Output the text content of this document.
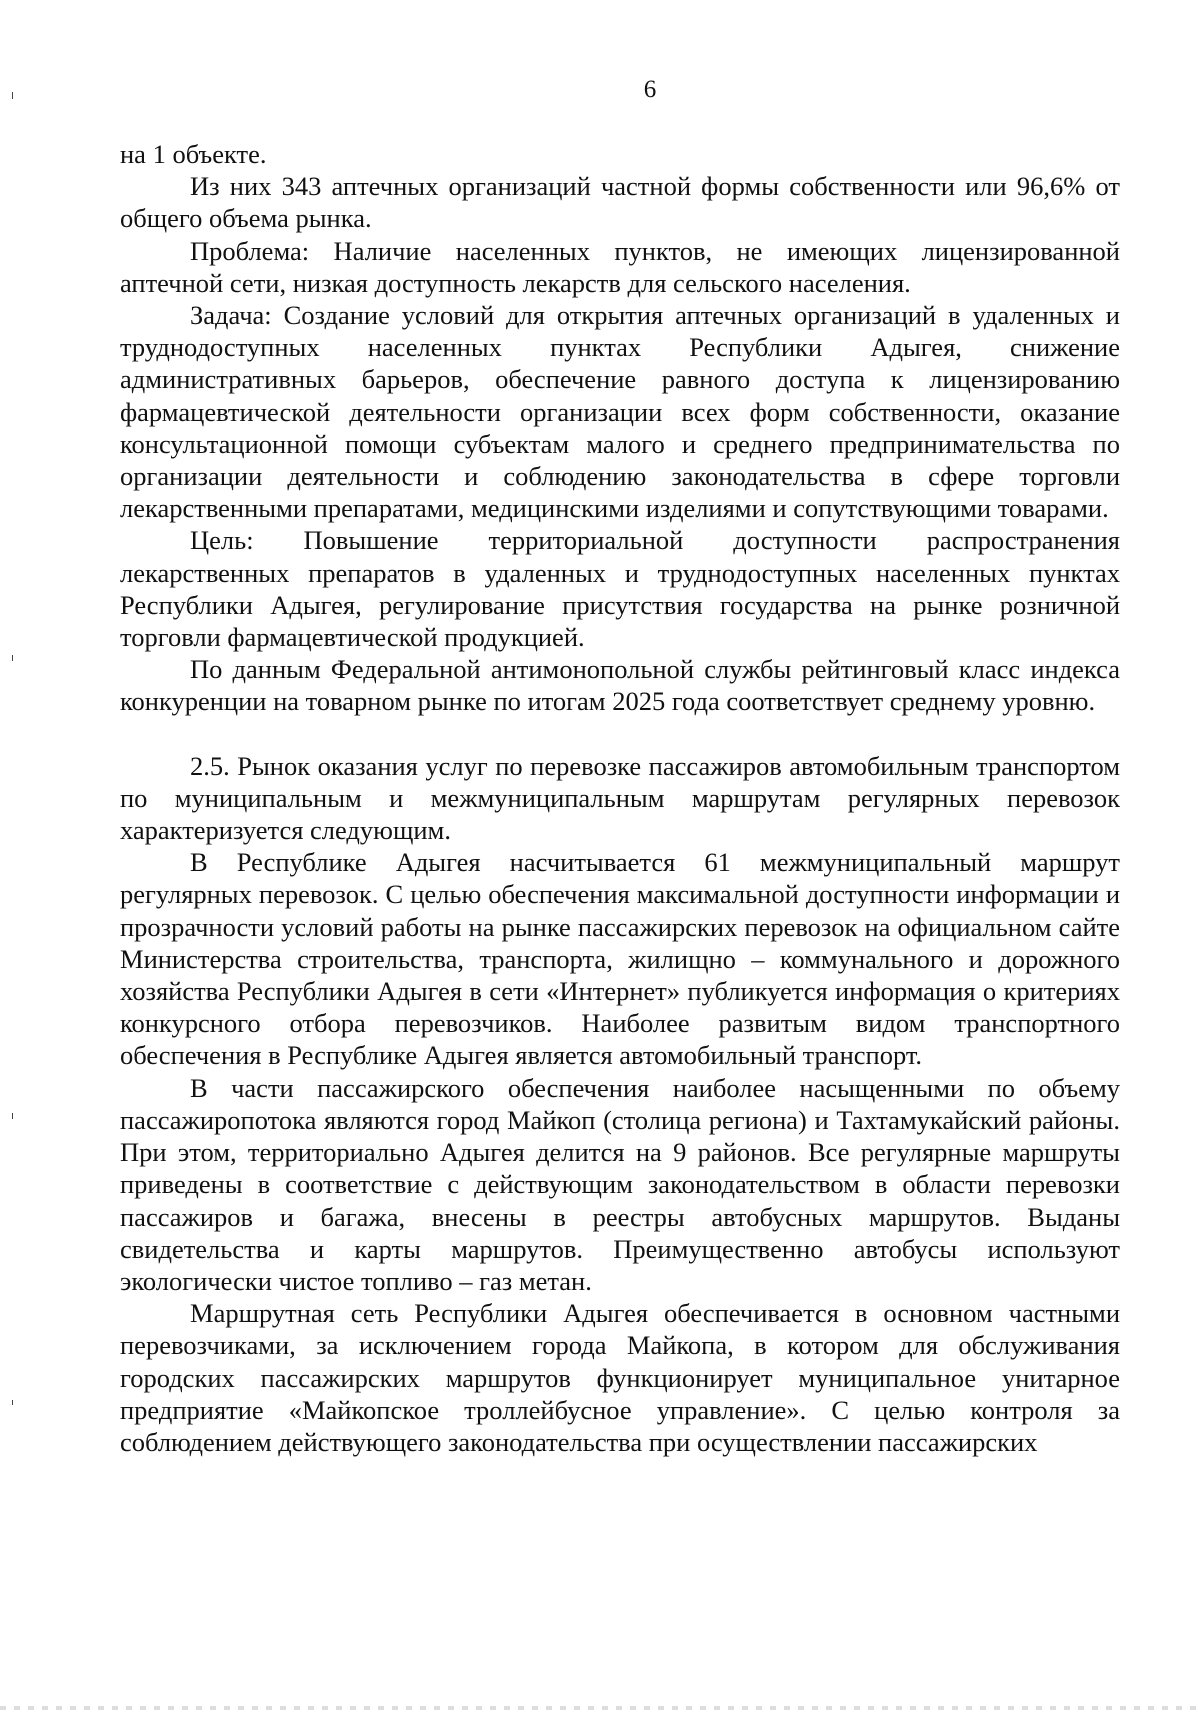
6

на 1 объекте.

Из них 343 аптечных организаций частной формы собственности или 96,6% от общего объема рынка.

Проблема: Наличие населенных пунктов, не имеющих лицензированной аптечной сети, низкая доступность лекарств для сельского населения.

Задача: Создание условий для открытия аптечных организаций в удаленных и труднодоступных населенных пунктах Республики Адыгея, снижение административных барьеров, обеспечение равного доступа к лицензированию фармацевтической деятельности организации всех форм собственности, оказание консультационной помощи субъектам малого и среднего предпринимательства по организации деятельности и соблюдению законодательства в сфере торговли лекарственными препаратами, медицинскими изделиями и сопутствующими товарами.

Цель: Повышение территориальной доступности распространения лекарственных препаратов в удаленных и труднодоступных населенных пунктах Республики Адыгея, регулирование присутствия государства на рынке розничной торговли фармацевтической продукцией.

По данным Федеральной антимонопольной службы рейтинговый класс индекса конкуренции на товарном рынке по итогам 2025 года соответствует среднему уровню.

2.5. Рынок оказания услуг по перевозке пассажиров автомобильным транспортом по муниципальным и межмуниципальным маршрутам регулярных перевозок характеризуется следующим.

В Республике Адыгея насчитывается 61 межмуниципальный маршрут регулярных перевозок. С целью обеспечения максимальной доступности информации и прозрачности условий работы на рынке пассажирских перевозок на официальном сайте Министерства строительства, транспорта, жилищно – коммунального и дорожного хозяйства Республики Адыгея в сети «Интернет» публикуется информация о критериях конкурсного отбора перевозчиков. Наиболее развитым видом транспортного обеспечения в Республике Адыгея является автомобильный транспорт.

В части пассажирского обеспечения наиболее насыщенными по объему пассажиропотока являются город Майкоп (столица региона) и Тахтамукайский районы. При этом, территориально Адыгея делится на 9 районов. Все регулярные маршруты приведены в соответствие с действующим законодательством в области перевозки пассажиров и багажа, внесены в реестры автобусных маршрутов. Выданы свидетельства и карты маршрутов. Преимущественно автобусы используют экологически чистое топливо – газ метан.

Маршрутная сеть Республики Адыгея обеспечивается в основном частными перевозчиками, за исключением города Майкопа, в котором для обслуживания городских пассажирских маршрутов функционирует муниципальное унитарное предприятие «Майкопское троллейбусное управление». С целью контроля за соблюдением действующего законодательства при осуществлении пассажирских
